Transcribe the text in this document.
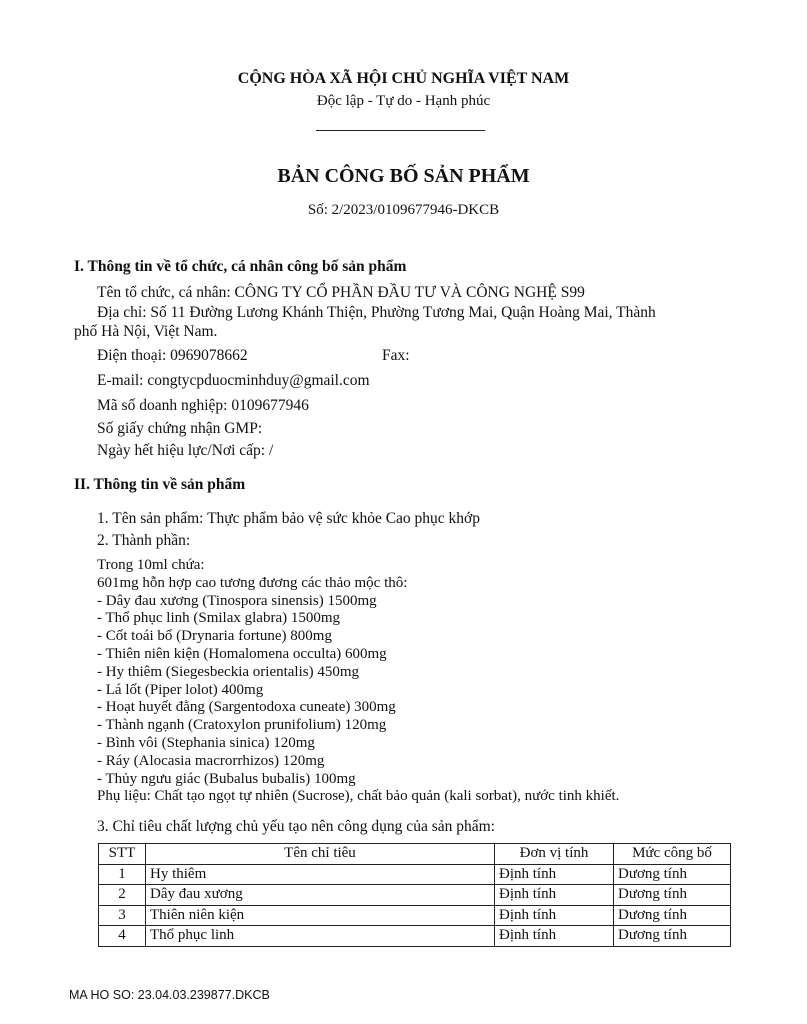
CỘNG HÒA XÃ HỘI CHỦ NGHĨA VIỆT NAM
Độc lập - Tự do - Hạnh phúc
BẢN CÔNG BỐ SẢN PHẨM
Số: 2/2023/0109677946-DKCB
I. Thông tin về tổ chức, cá nhân công bố sản phẩm
Tên tổ chức, cá nhân: CÔNG TY CỔ PHẦN ĐẦU TƯ VÀ CÔNG NGHỆ S99
Địa chỉ: Số 11 Đường Lương Khánh Thiện, Phường Tương Mai, Quận Hoàng Mai, Thành
phố Hà Nội, Việt Nam.
Điện thoại: 0969078662	Fax:
E-mail: congtycpduocminhduy@gmail.com
Mã số doanh nghiệp: 0109677946
Số giấy chứng nhận GMP:
Ngày hết hiệu lực/Nơi cấp: /
II. Thông tin về sản phẩm
1. Tên sản phẩm: Thực phẩm bảo vệ sức khỏe Cao phục khớp
2. Thành phần:
Trong 10ml chứa:
601mg hỗn hợp cao tương đương các thảo mộc thô:
- Dây đau xương (Tinospora sinensis) 1500mg
- Thổ phục linh (Smilax glabra) 1500mg
- Cốt toái bổ (Drynaria fortune) 800mg
- Thiên niên kiện (Homalomena occulta) 600mg
- Hy thiêm (Siegesbeckia orientalis) 450mg
- Lá lốt (Piper lolot) 400mg
- Hoạt huyết đằng (Sargentodoxa cuneate) 300mg
- Thành ngạnh (Cratoxylon prunifolium) 120mg
- Bình vôi (Stephania sinica) 120mg
- Ráy (Alocasia macrorrhizos) 120mg
- Thủy ngưu giác (Bubalus bubalis) 100mg
Phụ liệu: Chất tạo ngọt tự nhiên (Sucrose), chất bảo quản (kali sorbat), nước tinh khiết.
3. Chỉ tiêu chất lượng chủ yếu tạo nên công dụng của sản phẩm:
STT	Tên chỉ tiêu	Đơn vị tính	Mức công bố
1	Hy thiêm	Định tính	Dương tính
2	Dây đau xương	Định tính	Dương tính
3	Thiên niên kiện	Định tính	Dương tính
4	Thổ phục linh	Định tính	Dương tính
MA HO SO: 23.04.03.239877.DKCB
